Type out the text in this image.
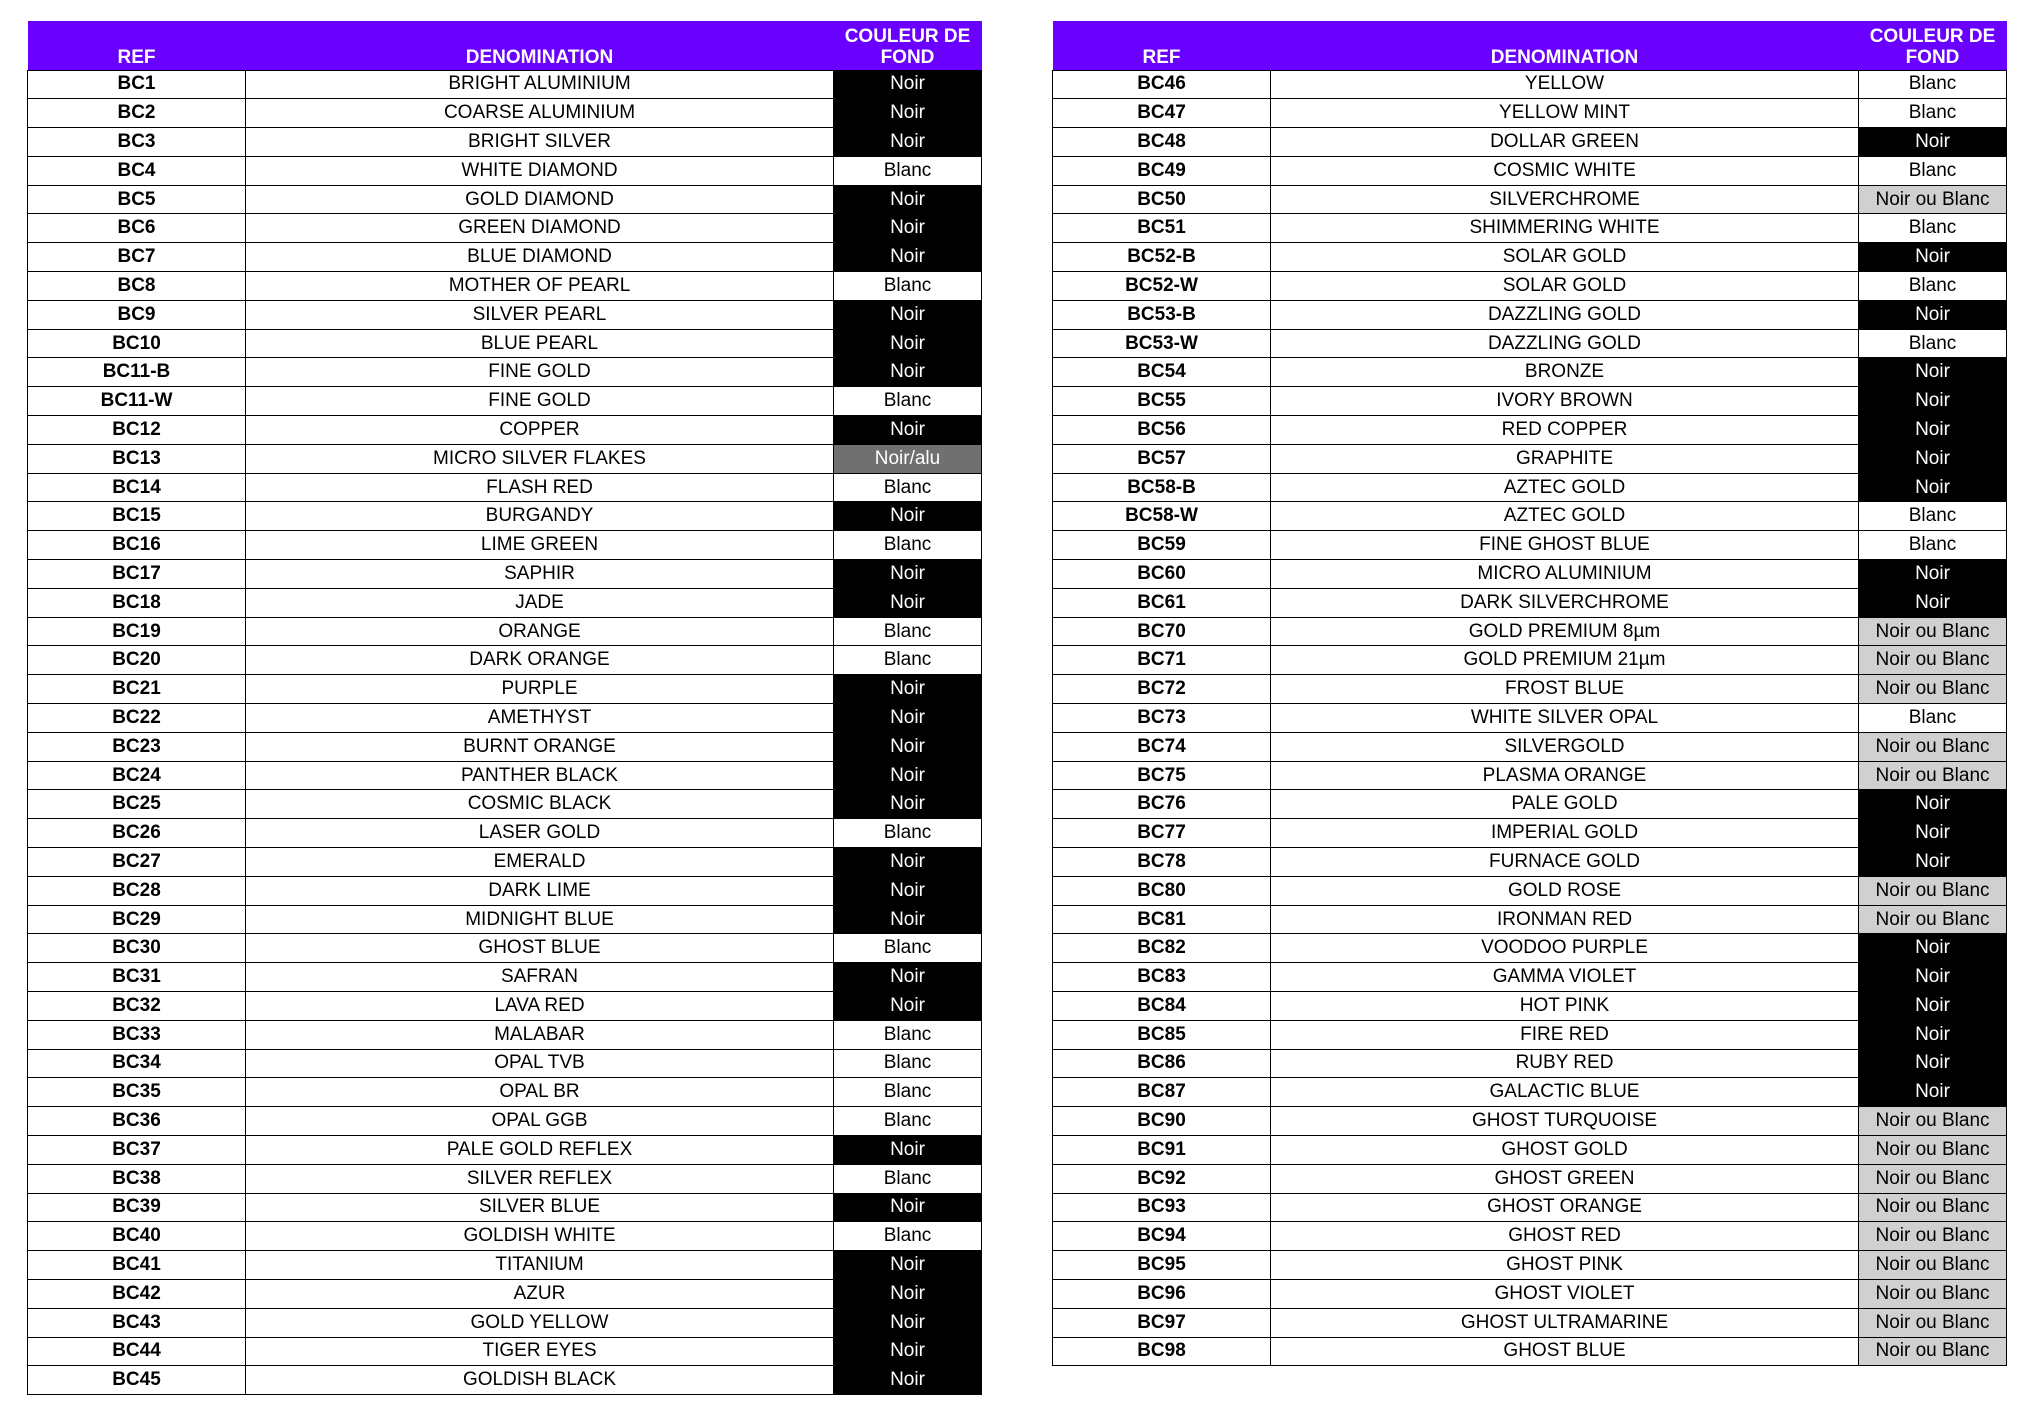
REF	DENOMINATION	COULEUR DE FOND
BC1	BRIGHT ALUMINIUM	Noir
BC2	COARSE ALUMINIUM	Noir
BC3	BRIGHT SILVER	Noir
BC4	WHITE DIAMOND	Blanc
BC5	GOLD DIAMOND	Noir
BC6	GREEN DIAMOND	Noir
BC7	BLUE DIAMOND	Noir
BC8	MOTHER OF PEARL	Blanc
BC9	SILVER PEARL	Noir
BC10	BLUE PEARL	Noir
BC11-B	FINE GOLD	Noir
BC11-W	FINE GOLD	Blanc
BC12	COPPER	Noir
BC13	MICRO SILVER FLAKES	Noir/alu
BC14	FLASH RED	Blanc
BC15	BURGANDY	Noir
BC16	LIME GREEN	Blanc
BC17	SAPHIR	Noir
BC18	JADE	Noir
BC19	ORANGE	Blanc
BC20	DARK ORANGE	Blanc
BC21	PURPLE	Noir
BC22	AMETHYST	Noir
BC23	BURNT ORANGE	Noir
BC24	PANTHER BLACK	Noir
BC25	COSMIC BLACK	Noir
BC26	LASER GOLD	Blanc
BC27	EMERALD	Noir
BC28	DARK LIME	Noir
BC29	MIDNIGHT BLUE	Noir
BC30	GHOST BLUE	Blanc
BC31	SAFRAN	Noir
BC32	LAVA RED	Noir
BC33	MALABAR	Blanc
BC34	OPAL TVB	Blanc
BC35	OPAL BR	Blanc
BC36	OPAL GGB	Blanc
BC37	PALE GOLD REFLEX	Noir
BC38	SILVER REFLEX	Blanc
BC39	SILVER BLUE	Noir
BC40	GOLDISH WHITE	Blanc
BC41	TITANIUM	Noir
BC42	AZUR	Noir
BC43	GOLD YELLOW	Noir
BC44	TIGER EYES	Noir
BC45	GOLDISH BLACK	Noir
REF	DENOMINATION	COULEUR DE FOND
BC46	YELLOW	Blanc
BC47	YELLOW MINT	Blanc
BC48	DOLLAR GREEN	Noir
BC49	COSMIC WHITE	Blanc
BC50	SILVERCHROME	Noir ou Blanc
BC51	SHIMMERING WHITE	Blanc
BC52-B	SOLAR GOLD	Noir
BC52-W	SOLAR GOLD	Blanc
BC53-B	DAZZLING GOLD	Noir
BC53-W	DAZZLING GOLD	Blanc
BC54	BRONZE	Noir
BC55	IVORY BROWN	Noir
BC56	RED COPPER	Noir
BC57	GRAPHITE	Noir
BC58-B	AZTEC GOLD	Noir
BC58-W	AZTEC GOLD	Blanc
BC59	FINE GHOST BLUE	Blanc
BC60	MICRO ALUMINIUM	Noir
BC61	DARK SILVERCHROME	Noir
BC70	GOLD PREMIUM 8µm	Noir ou Blanc
BC71	GOLD PREMIUM 21µm	Noir ou Blanc
BC72	FROST BLUE	Noir ou Blanc
BC73	WHITE SILVER OPAL	Blanc
BC74	SILVERGOLD	Noir ou Blanc
BC75	PLASMA ORANGE	Noir ou Blanc
BC76	PALE GOLD	Noir
BC77	IMPERIAL GOLD	Noir
BC78	FURNACE GOLD	Noir
BC80	GOLD ROSE	Noir ou Blanc
BC81	IRONMAN RED	Noir ou Blanc
BC82	VOODOO PURPLE	Noir
BC83	GAMMA VIOLET	Noir
BC84	HOT PINK	Noir
BC85	FIRE RED	Noir
BC86	RUBY RED	Noir
BC87	GALACTIC BLUE	Noir
BC90	GHOST TURQUOISE	Noir ou Blanc
BC91	GHOST GOLD	Noir ou Blanc
BC92	GHOST GREEN	Noir ou Blanc
BC93	GHOST ORANGE	Noir ou Blanc
BC94	GHOST RED	Noir ou Blanc
BC95	GHOST PINK	Noir ou Blanc
BC96	GHOST VIOLET	Noir ou Blanc
BC97	GHOST ULTRAMARINE	Noir ou Blanc
BC98	GHOST BLUE	Noir ou Blanc
